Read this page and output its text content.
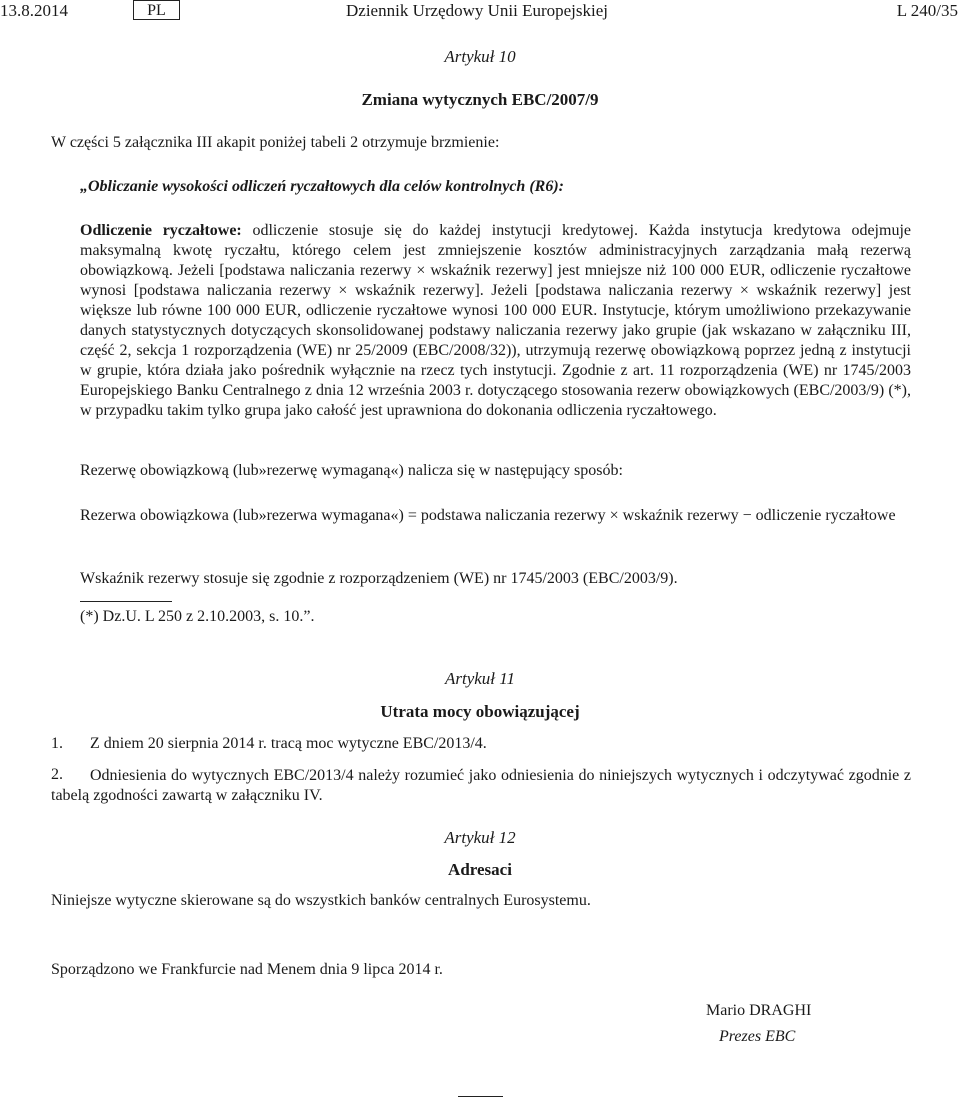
13.8.2014	PL	Dziennik Urzędowy Unii Europejskiej	L 240/35
Artykuł 10
Zmiana wytycznych EBC/2007/9
W części 5 załącznika III akapit poniżej tabeli 2 otrzymuje brzmienie:
„Obliczanie wysokości odliczeń ryczałtowych dla celów kontrolnych (R6):
Odliczenie ryczałtowe: odliczenie stosuje się do każdej instytucji kredytowej. Każda instytucja kredytowa odejmuje maksymalną kwotę ryczałtu, którego celem jest zmniejszenie kosztów administracyjnych zarządzania małą rezerwą obowiązkową. Jeżeli [podstawa naliczania rezerwy × wskaźnik rezerwy] jest mniejsze niż 100 000 EUR, odliczenie ryczałtowe wynosi [podstawa naliczania rezerwy × wskaźnik rezerwy]. Jeżeli [podstawa naliczania rezerwy × wskaźnik rezerwy] jest większe lub równe 100 000 EUR, odliczenie ryczałtowe wynosi 100 000 EUR. Instytucje, którym umożliwiono przekazywanie danych statystycznych dotyczących skonsolidowanej podstawy naliczania rezerwy jako grupie (jak wskazano w załączniku III, część 2, sekcja 1 rozporządzenia (WE) nr 25/2009 (EBC/2008/32)), utrzymują rezerwę obowiązkową poprzez jedną z instytucji w grupie, która działa jako pośrednik wyłącznie na rzecz tych instytucji. Zgodnie z art. 11 rozporządzenia (WE) nr 1745/2003 Europejskiego Banku Centralnego z dnia 12 września 2003 r. dotyczącego stosowania rezerw obowiązkowych (EBC/2003/9) (*), w przypadku takim tylko grupa jako całość jest uprawniona do dokonania odliczenia ryczałtowego.
Rezerwę obowiązkową (lub»rezerwę wymaganą«) nalicza się w następujący sposób:
Rezerwa obowiązkowa (lub»rezerwa wymagana«) = podstawa naliczania rezerwy × wskaźnik rezerwy − odliczenie ryczałtowe
Wskaźnik rezerwy stosuje się zgodnie z rozporządzeniem (WE) nr 1745/2003 (EBC/2003/9).
(*) Dz.U. L 250 z 2.10.2003, s. 10.”.
Artykuł 11
Utrata mocy obowiązującej
1. Z dniem 20 sierpnia 2014 r. tracą moc wytyczne EBC/2013/4.
2.	Odniesienia do wytycznych EBC/2013/4 należy rozumieć jako odniesienia do niniejszych wytycznych i odczytywać zgodnie z tabelą zgodności zawartą w załączniku IV.
Artykuł 12
Adresaci
Niniejsze wytyczne skierowane są do wszystkich banków centralnych Eurosystemu.
Sporządzono we Frankfurcie nad Menem dnia 9 lipca 2014 r.
Mario DRAGHI
Prezes EBC
